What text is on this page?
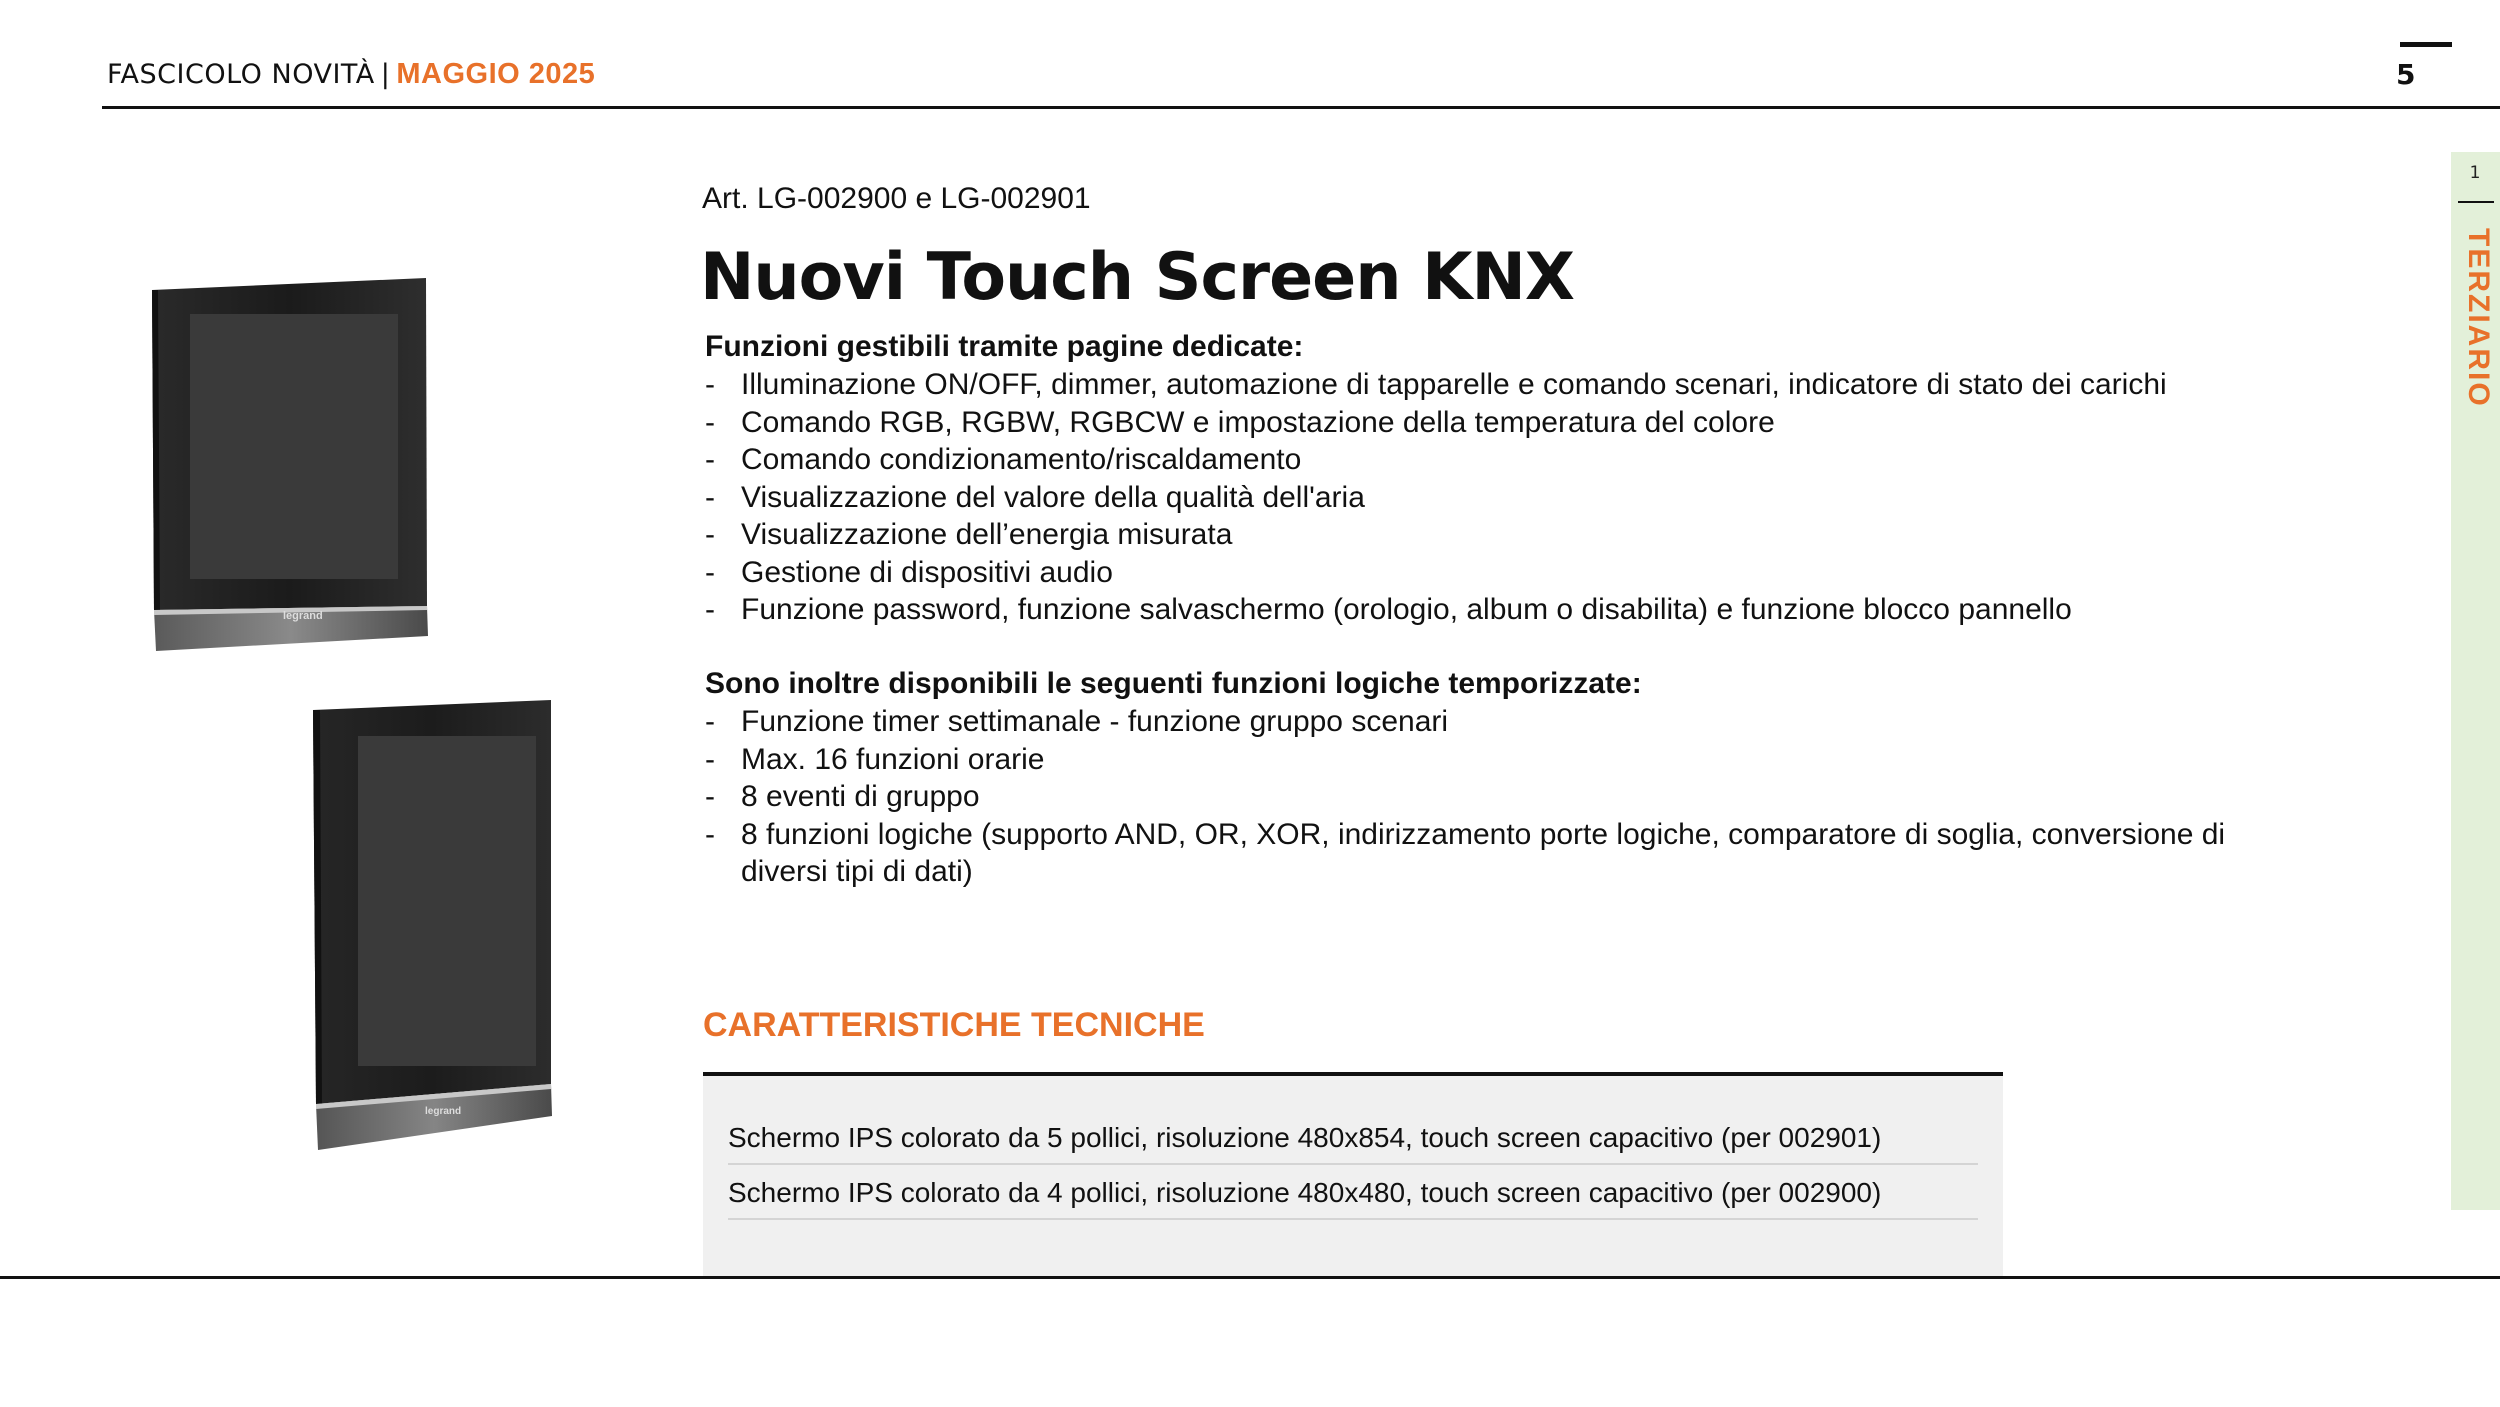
FASCICOLO NOVITÀ | MAGGIO 2025	5
1
TERZIARIO
legrand
legrand
Art. LG-002900 e LG-002901
Nuovi Touch Screen KNX
Funzioni gestibili tramite pagine dedicate:
- Illuminazione ON/OFF, dimmer, automazione di tapparelle e comando scenari, indicatore di stato dei carichi
- Comando RGB, RGBW, RGBCW e impostazione della temperatura del colore
- Comando condizionamento/riscaldamento
- Visualizzazione del valore della qualità dell'aria
- Visualizzazione dell’energia misurata
- Gestione di dispositivi audio
- Funzione password, funzione salvaschermo (orologio, album o disabilita) e funzione blocco pannello
Sono inoltre disponibili le seguenti funzioni logiche temporizzate:
- Funzione timer settimanale - funzione gruppo scenari
- Max. 16 funzioni orarie
- 8 eventi di gruppo
- 8 funzioni logiche (supporto AND, OR, XOR, indirizzamento porte logiche, comparatore di soglia, conversione di diversi tipi di dati)
CARATTERISTICHE TECNICHE
Schermo IPS colorato da 5 pollici, risoluzione 480x854, touch screen capacitivo (per 002901)
Schermo IPS colorato da 4 pollici, risoluzione 480x480, touch screen capacitivo (per 002900)
